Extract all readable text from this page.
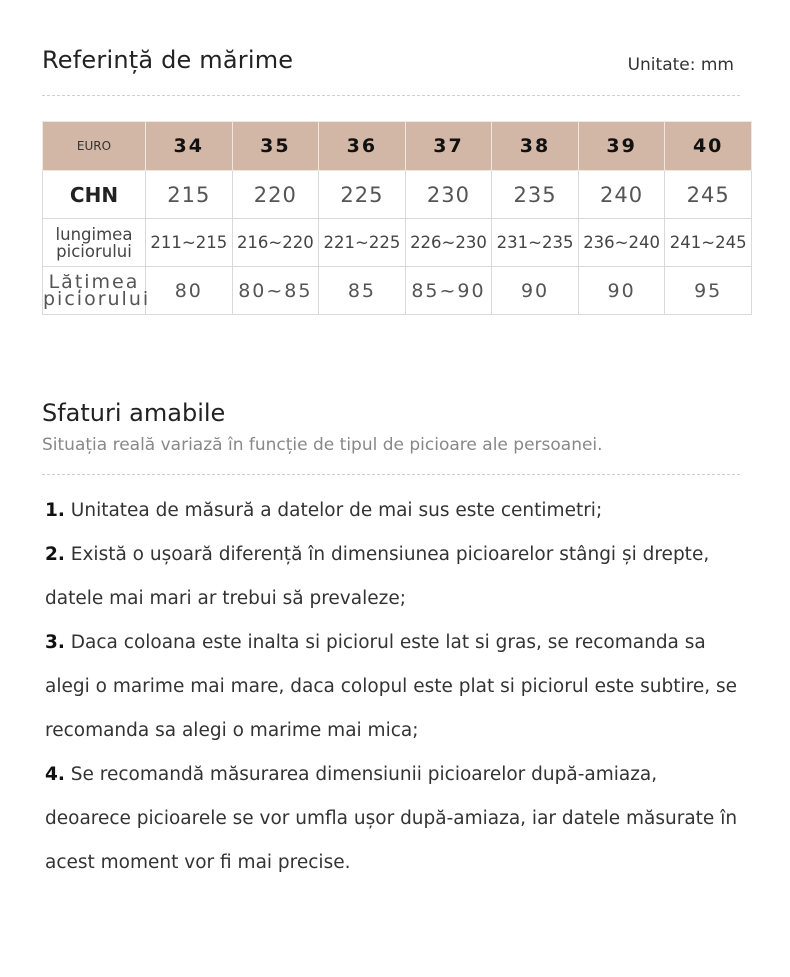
Referință de mărime	Unitate: mm
EURO	34	35	36	37	38	39	40
CHN	215	220	225	230	235	240	245
lungimea piciorului	211~215	216~220	221~225	226~230	231~235	236~240	241~245
Lățimea piciorului	80	80~85	85	85~90	90	90	95
Sfaturi amabile
Situația reală variază în funcție de tipul de picioare ale persoanei.

1. Unitatea de măsură a datelor de mai sus este centimetri;

2. Există o ușoară diferență în dimensiunea picioarelor stângi și drepte, datele mai mari ar trebui să prevaleze;

3. Daca coloana este inalta si piciorul este lat si gras, se recomanda sa alegi o marime mai mare, daca colopul este plat si piciorul este subtire, se recomanda sa alegi o marime mai mica;

4. Se recomandă măsurarea dimensiunii picioarelor după-amiaza, deoarece picioarele se vor umfla ușor după-amiaza, iar datele măsurate în acest moment vor fi mai precise.
